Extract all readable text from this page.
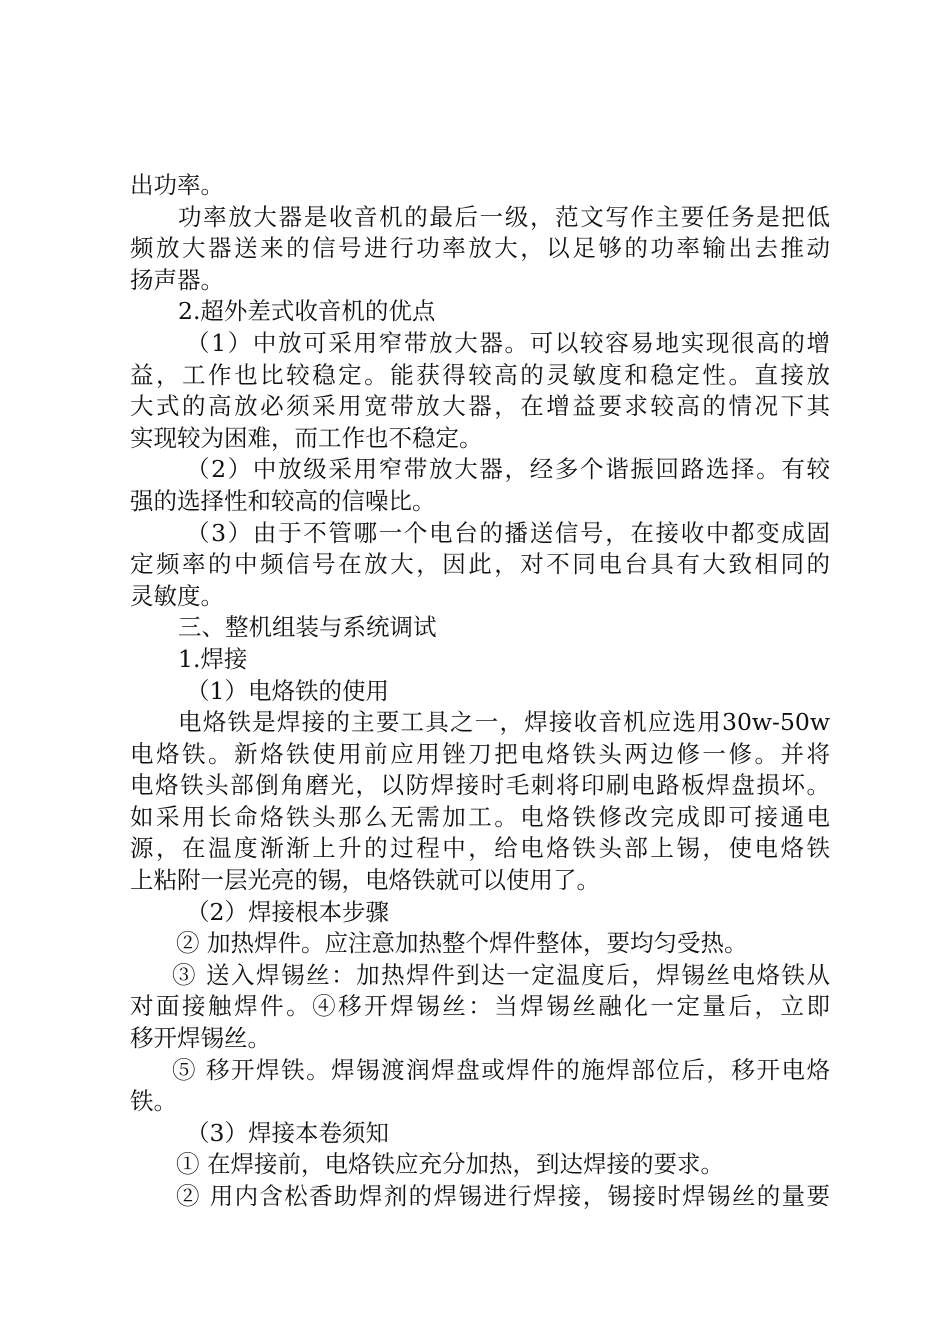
出功率。
功率放大器是收音机的最后一级，范文写作主要任务是把低
频放大器送来的信号进行功率放大，以足够的功率输出去推动
扬声器。
2.超外差式收音机的优点
（1）中放可采用窄带放大器。可以较容易地实现很高的增
益，工作也比较稳定。能获得较高的灵敏度和稳定性。直接放
大式的高放必须采用宽带放大器，在增益要求较高的情况下其
实现较为困难，而工作也不稳定。
（2）中放级采用窄带放大器，经多个谐振回路选择。有较
强的选择性和较高的信噪比。
（3）由于不管哪一个电台的播送信号，在接收中都变成固
定频率的中频信号在放大，因此，对不同电台具有大致相同的
灵敏度。
三、整机组装与系统调试
1.焊接
（1）电烙铁的使用
电烙铁是焊接的主要工具之一，焊接收音机应选用30w-50w
电烙铁。新烙铁使用前应用锉刀把电烙铁头两边修一修。并将
电烙铁头部倒角磨光，以防焊接时毛刺将印刷电路板焊盘损坏。
如采用长命烙铁头那么无需加工。电烙铁修改完成即可接通电
源，在温度渐渐上升的过程中，给电烙铁头部上锡，使电烙铁
上粘附一层光亮的锡，电烙铁就可以使用了。
（2）焊接根本步骤
② 加热焊件。应注意加热整个焊件整体，要均匀受热。
③ 送入焊锡丝：加热焊件到达一定温度后，焊锡丝电烙铁从
对面接触焊件。④移开焊锡丝：当焊锡丝融化一定量后，立即
移开焊锡丝。
⑤ 移开焊铁。焊锡渡润焊盘或焊件的施焊部位后，移开电烙
铁。
（3）焊接本卷须知
① 在焊接前，电烙铁应充分加热，到达焊接的要求。
② 用内含松香助焊剂的焊锡进行焊接，锡接时焊锡丝的量要
